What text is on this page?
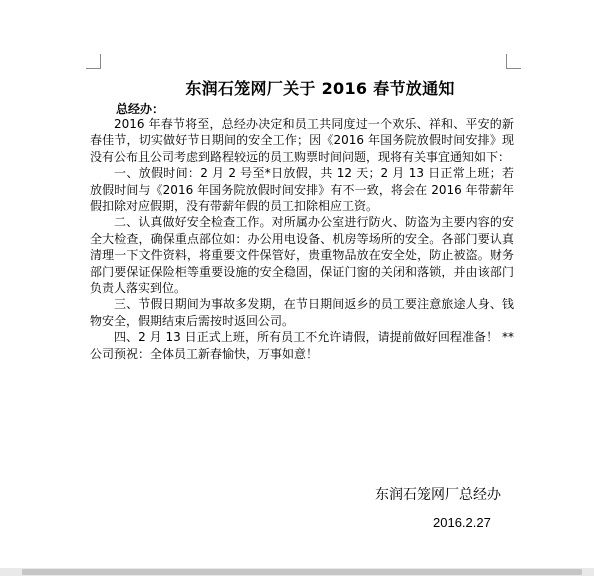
东润石笼网厂关于 2016 春节放通知
总经办：

2016 年春节将至，总经办决定和员工共同度过一个欢乐、祥和、平安的新春佳节，切实做好节日期间的安全工作；因《2016 年国务院放假时间安排》现没有公布且公司考虑到路程较远的员工购票时间问题，现将有关事宜通知如下：

一、放假时间：2 月 2 号至*日放假，共 12 天；2 月 13 日正常上班；若放假时间与《2016 年国务院放假时间安排》有不一致，将会在 2016 年带薪年假扣除对应假期，没有带薪年假的员工扣除相应工资。

二、认真做好安全检查工作。对所属办公室进行防火、防盗为主要内容的安全大检查，确保重点部位如：办公用电设备、机房等场所的安全。各部门要认真清理一下文件资料，将重要文件保管好，贵重物品放在安全处，防止被盗。财务部门要保证保险柜等重要设施的安全稳固，保证门窗的关闭和落锁，并由该部门负责人落实到位。

三、节假日期间为事故多发期，在节日期间返乡的员工要注意旅途人身、钱物安全，假期结束后需按时返回公司。

四、2 月 13 日正式上班，所有员工不允许请假，请提前做好回程准备！ **公司预祝：全体员工新春愉快，万事如意！

东润石笼网厂总经办
2016.2.27
